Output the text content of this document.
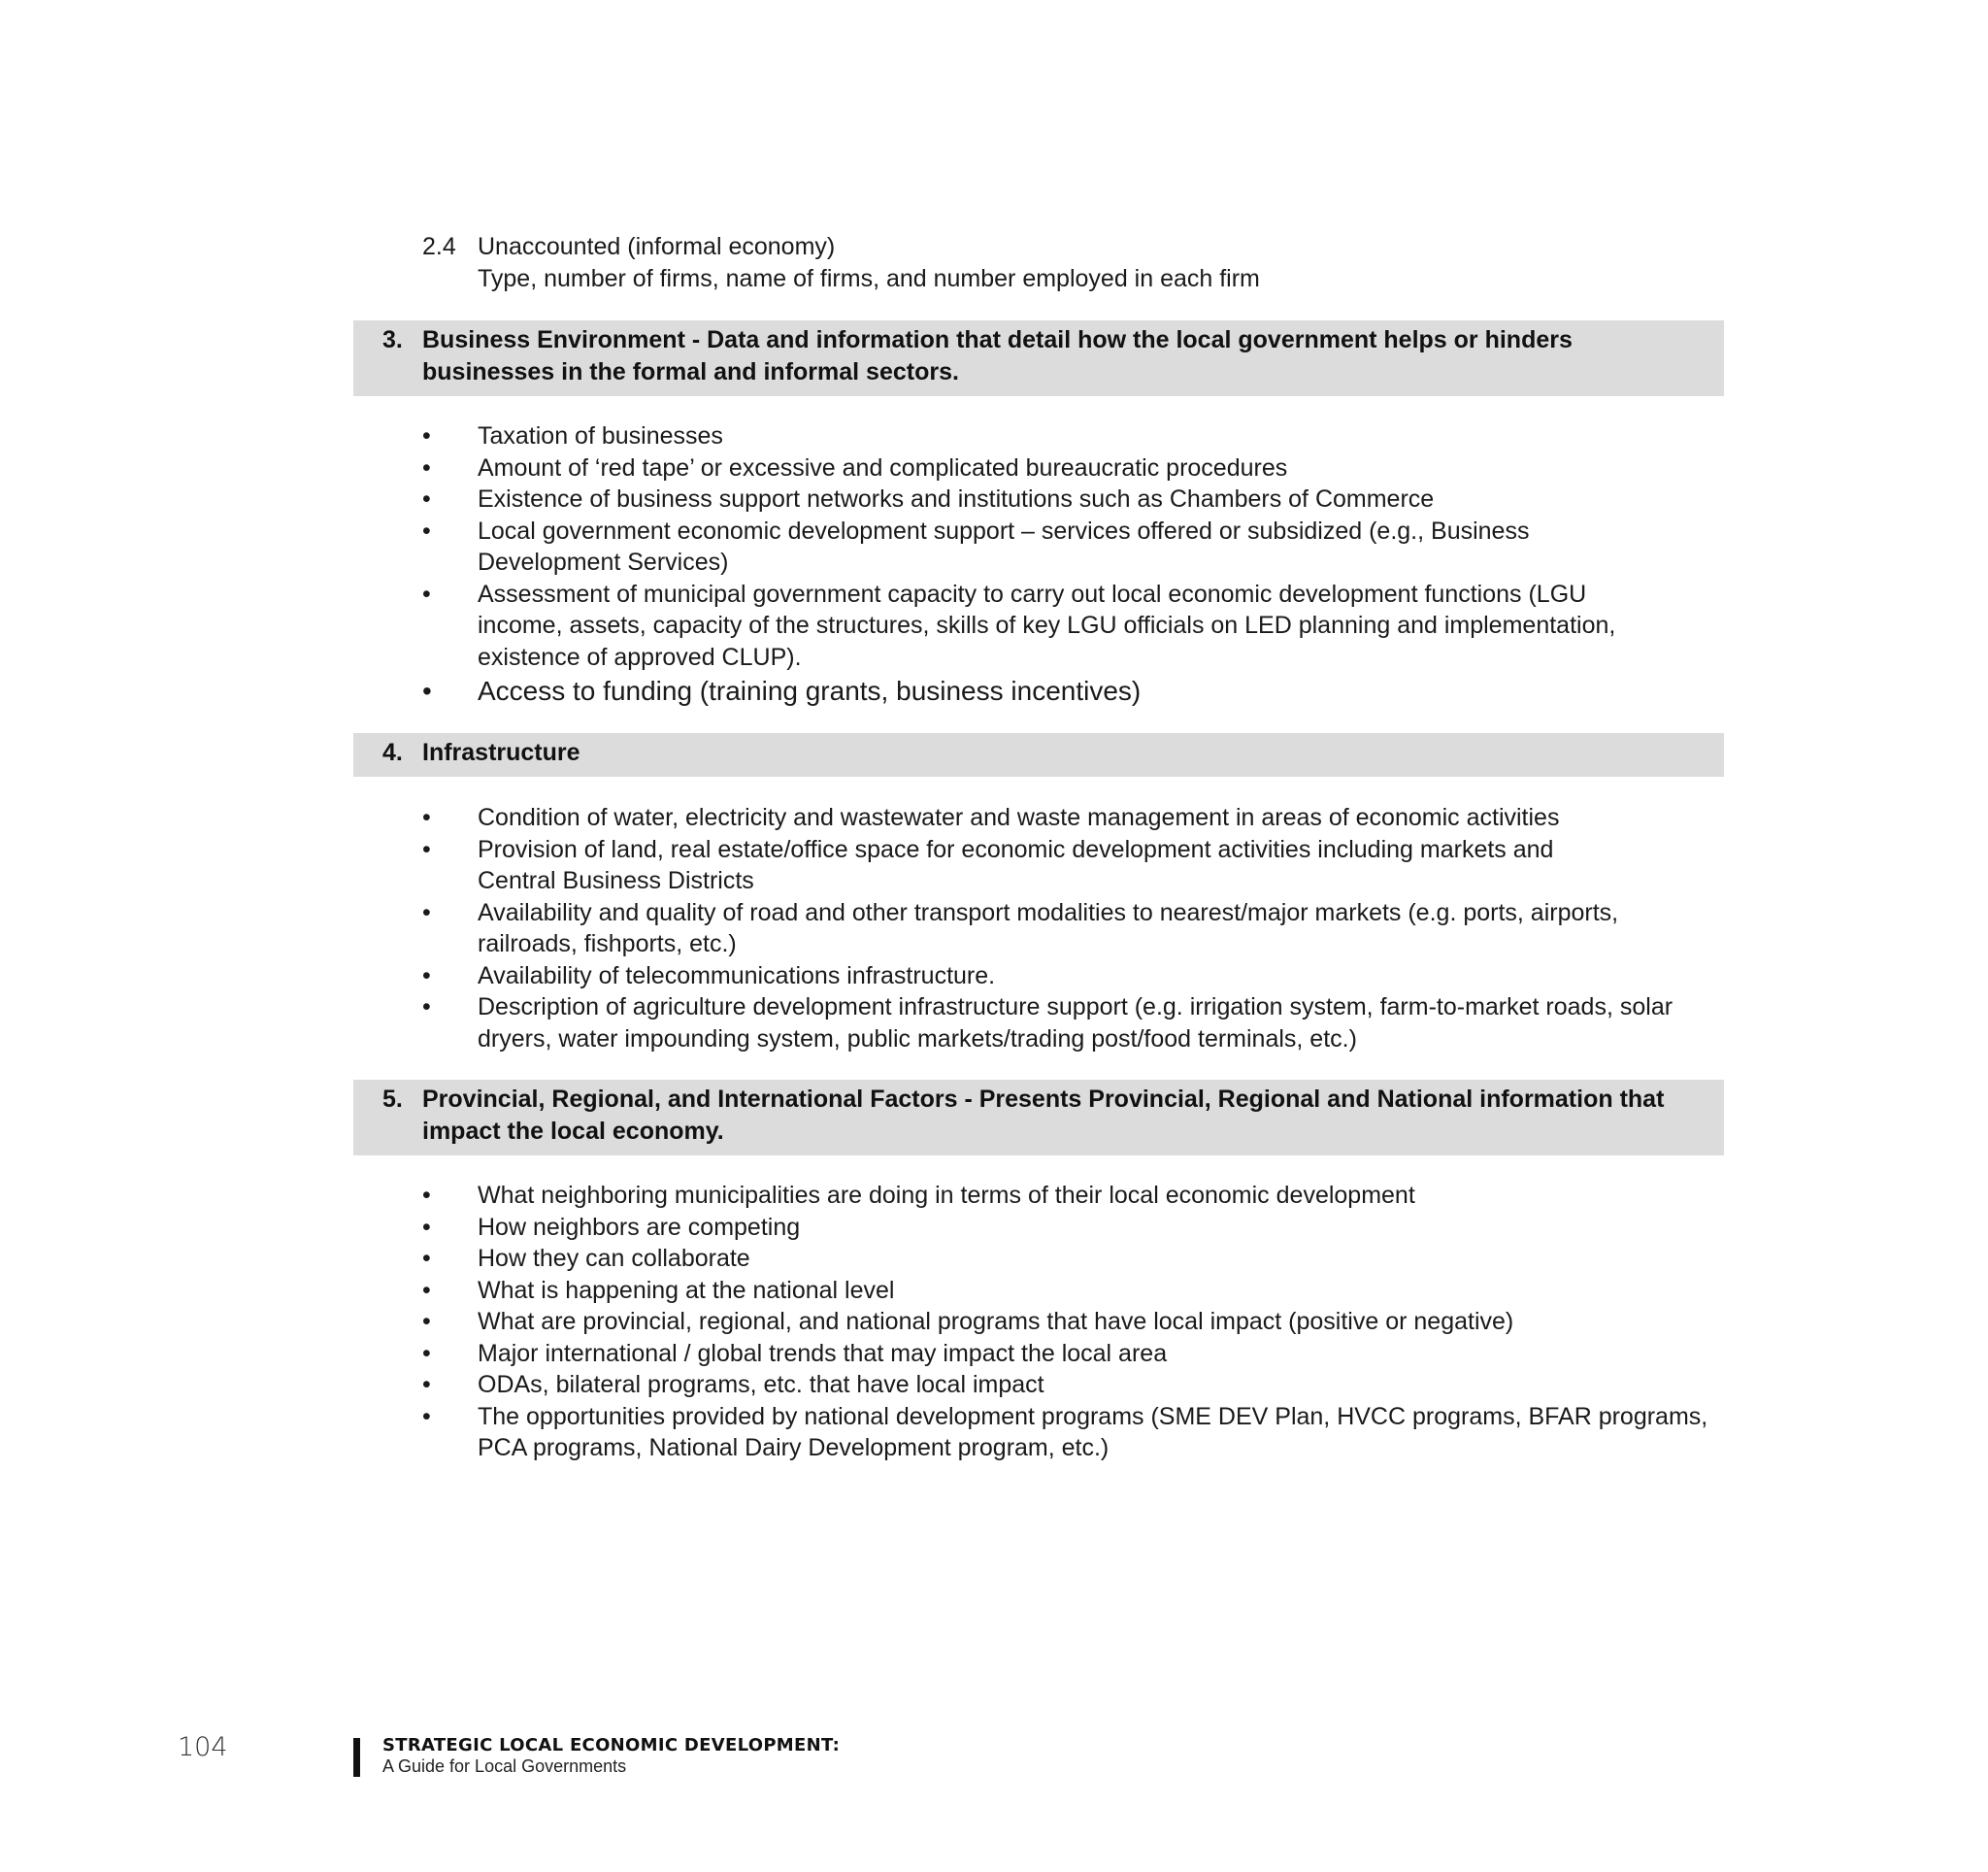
2.4 Unaccounted (informal economy)
Type, number of firms, name of firms, and number employed in each firm
3. Business Environment - Data and information that detail how the local government helps or hinders
businesses in the formal and informal sectors.
• Taxation of businesses
• Amount of ‘red tape’ or excessive and complicated bureaucratic procedures
• Existence of business support networks and institutions such as Chambers of Commerce
• Local government economic development support – services offered or subsidized (e.g., Business Development Services)
• Assessment of municipal government capacity to carry out local economic development functions (LGU income, assets, capacity of the structures, skills of key LGU officials on LED planning and implementation, existence of approved CLUP).
• Access to funding (training grants, business incentives)
4. Infrastructure
• Condition of water, electricity and wastewater and waste management in areas of economic activities
• Provision of land, real estate/office space for economic development activities including markets and Central Business Districts
• Availability and quality of road and other transport modalities to nearest/major markets (e.g. ports, airports, railroads, fishports, etc.)
• Availability of telecommunications infrastructure.
• Description of agriculture development infrastructure support (e.g. irrigation system, farm-to-market roads, solar dryers, water impounding system, public markets/trading post/food terminals, etc.)
5. Provincial, Regional, and International Factors - Presents Provincial, Regional and National information that
impact the local economy.
• What neighboring municipalities are doing in terms of their local economic development
• How neighbors are competing
• How they can collaborate
• What is happening at the national level
• What are provincial, regional, and national programs that have local impact (positive or negative)
• Major international / global trends that may impact the local area
• ODAs, bilateral programs, etc. that have local impact
• The opportunities provided by national development programs (SME DEV Plan, HVCC programs, BFAR programs, PCA programs, National Dairy Development program, etc.)
104	STRATEGIC LOCAL ECONOMIC DEVELOPMENT:
A Guide for Local Governments
